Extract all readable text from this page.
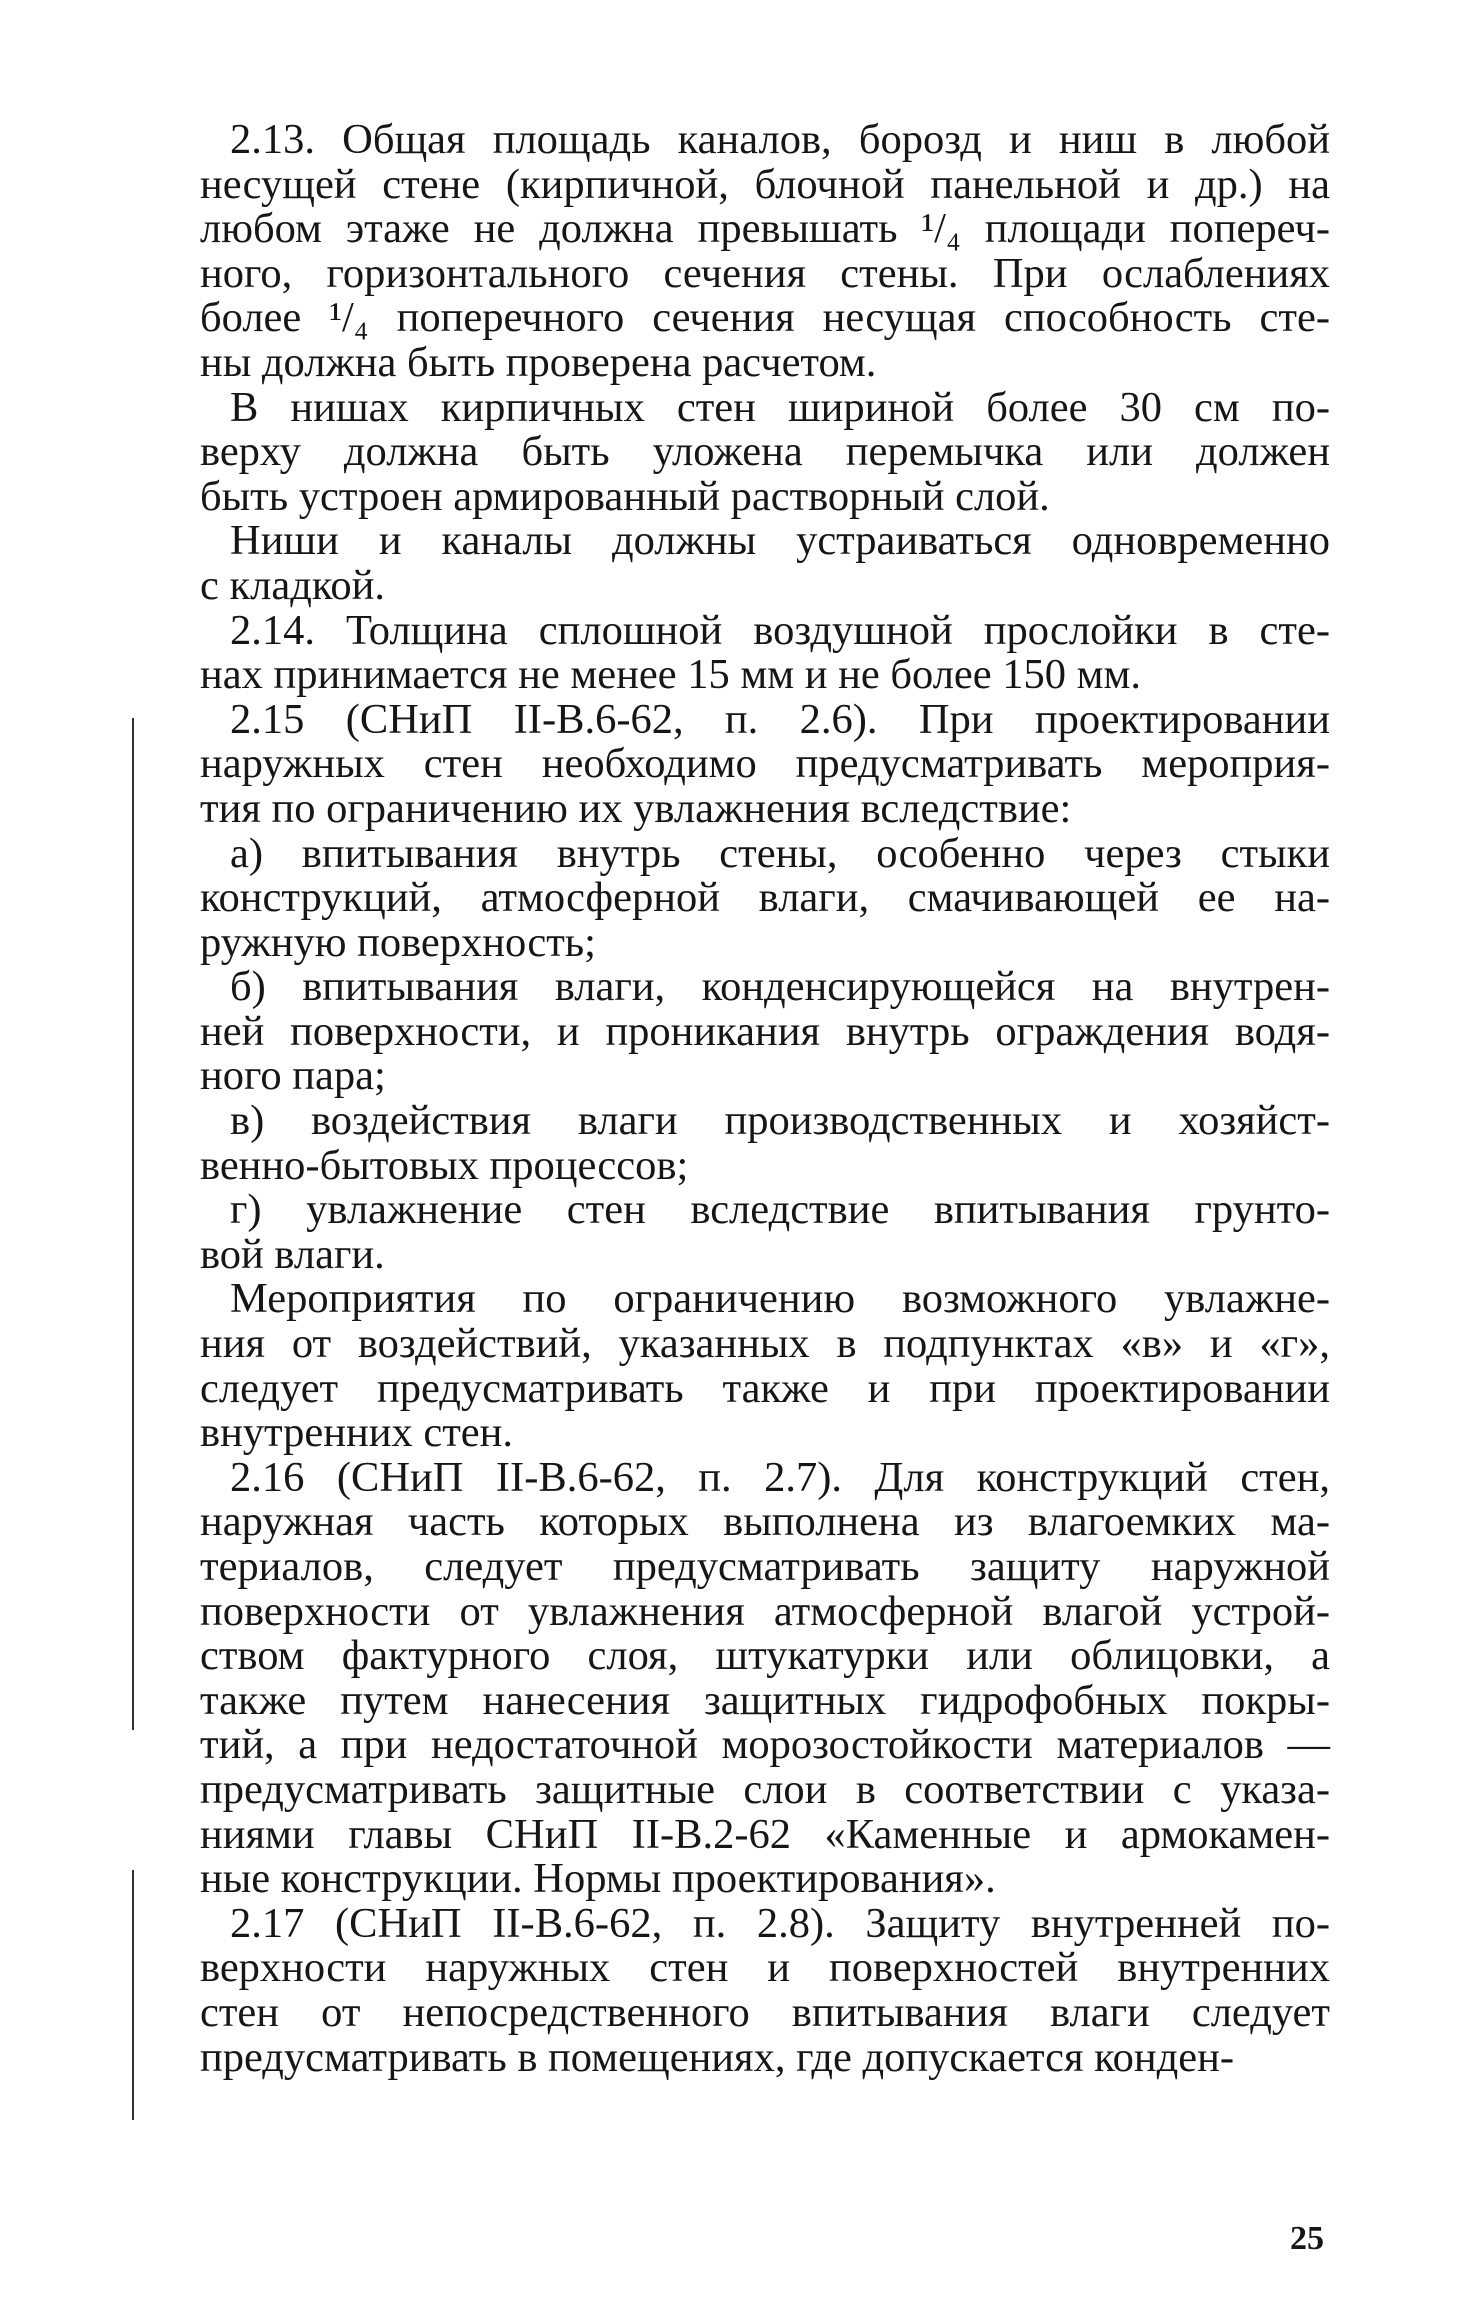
2.13. Общая площадь каналов, борозд и ниш в любой
несущей стене (кирпичной, блочной панельной и др.) на
любом этаже не должна превышать ¹/₄ площади попереч-
ного, горизонтального сечения стены. При ослаблениях
более ¹/₄ поперечного сечения несущая способность сте-
ны должна быть проверена расчетом.
В нишах кирпичных стен шириной более 30 см по-
верху должна быть уложена перемычка или должен
быть устроен армированный растворный слой.
Ниши и каналы должны устраиваться одновременно
с кладкой.
2.14. Толщина сплошной воздушной прослойки в сте-
нах принимается не менее 15 мм и не более 150 мм.
2.15 (СНиП II-В.6-62, п. 2.6). При проектировании
наружных стен необходимо предусматривать мероприя-
тия по ограничению их увлажнения вследствие:
а) впитывания внутрь стены, особенно через стыки
конструкций, атмосферной влаги, смачивающей ее на-
ружную поверхность;
б) впитывания влаги, конденсирующейся на внутрен-
ней поверхности, и проникания внутрь ограждения водя-
ного пара;
в) воздействия влаги производственных и хозяйст-
венно-бытовых процессов;
г) увлажнение стен вследствие впитывания грунто-
вой влаги.
Мероприятия по ограничению возможного увлажне-
ния от воздействий, указанных в подпунктах «в» и «г»,
следует предусматривать также и при проектировании
внутренних стен.
2.16 (СНиП II-В.6-62, п. 2.7). Для конструкций стен,
наружная часть которых выполнена из влагоемких ма-
териалов, следует предусматривать защиту наружной
поверхности от увлажнения атмосферной влагой устрой-
ством фактурного слоя, штукатурки или облицовки, а
также путем нанесения защитных гидрофобных покры-
тий, а при недостаточной морозостойкости материалов —
предусматривать защитные слои в соответствии с указа-
ниями главы СНиП II-В.2-62 «Каменные и армокамен-
ные конструкции. Нормы проектирования».
2.17 (СНиП II-В.6-62, п. 2.8). Защиту внутренней по-
верхности наружных стен и поверхностей внутренних
стен от непосредственного впитывания влаги следует
предусматривать в помещениях, где допускается конден-
25
